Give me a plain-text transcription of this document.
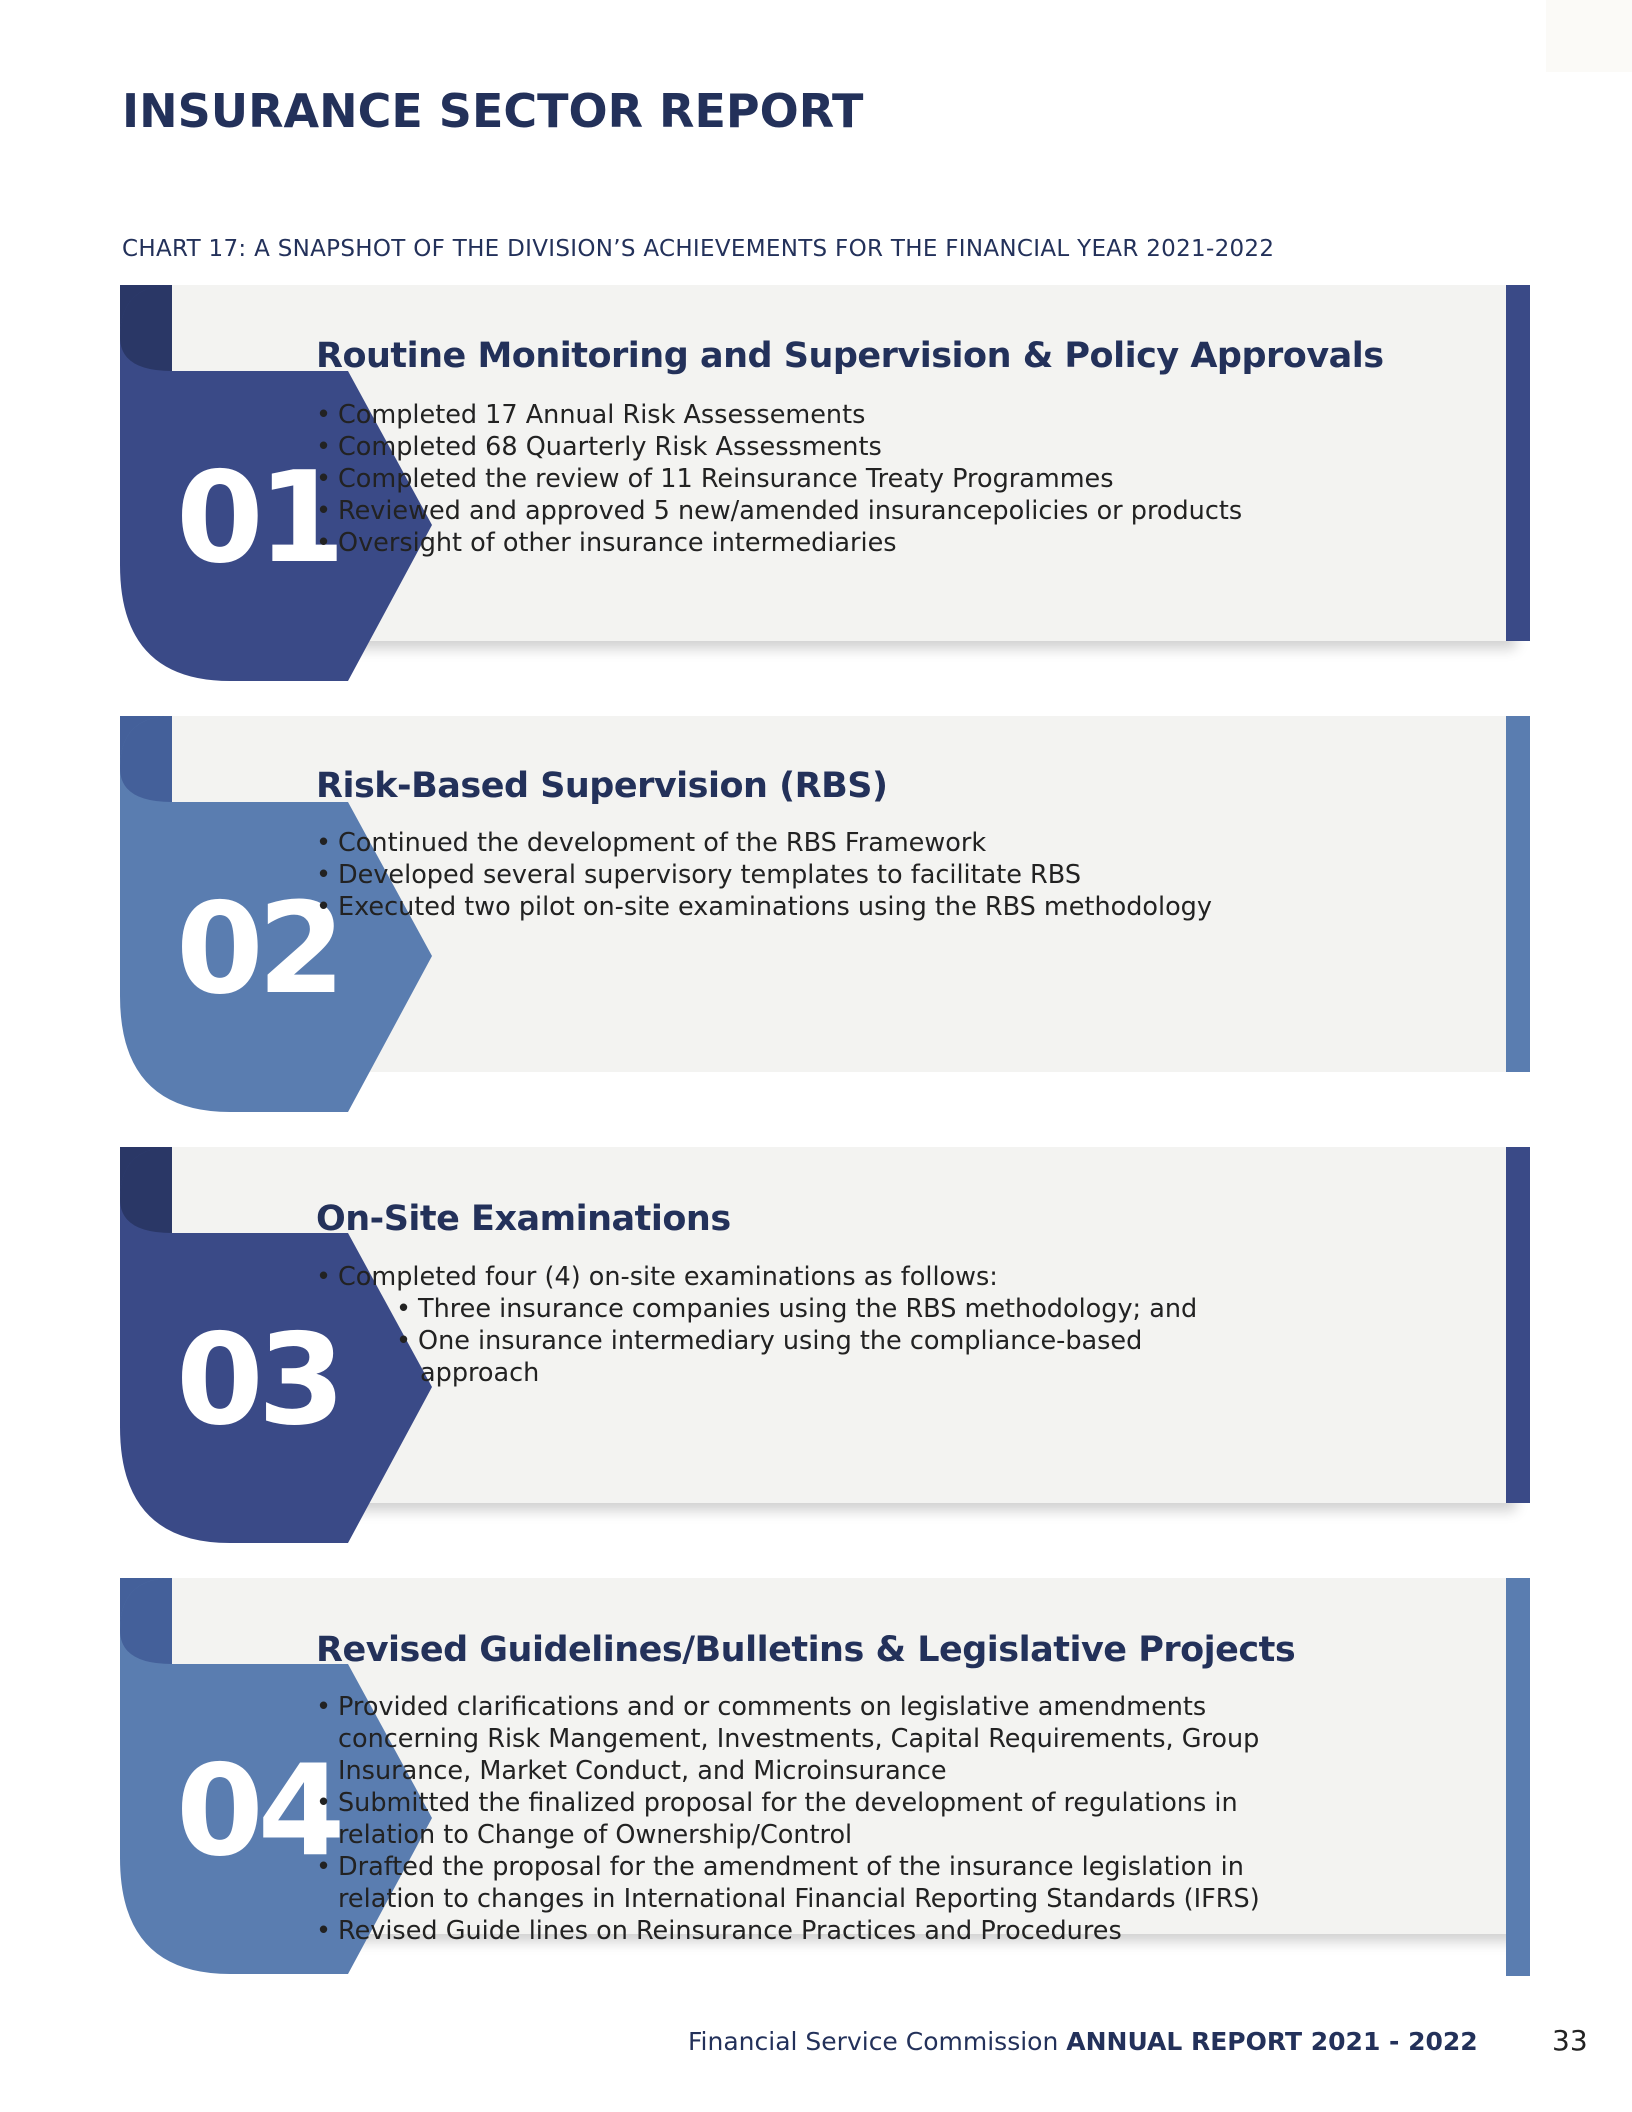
INSURANCE SECTOR REPORT

CHART 17: A SNAPSHOT OF THE DIVISION’S ACHIEVEMENTS FOR THE FINANCIAL YEAR 2021-2022

01
Routine Monitoring and Supervision & Policy Approvals
• Completed 17 Annual Risk Assessements
• Completed 68 Quarterly Risk Assessments
• Completed the review of 11 Reinsurance Treaty Programmes
• Reviewed and approved 5 new/amended insurancepolicies or products
• Oversight of other insurance intermediaries
02
Risk-Based Supervision (RBS)
• Continued the development of the RBS Framework
• Developed several supervisory templates to facilitate RBS
• Executed two pilot on-site examinations using the RBS methodology
03
On-Site Examinations
• Completed four (4) on-site examinations as follows:
• Three insurance companies using the RBS methodology; and
• One insurance intermediary using the compliance-based
approach
04
Revised Guidelines/Bulletins & Legislative Projects
• Provided clarifications and or comments on legislative amendments
concerning Risk Mangement, Investments, Capital Requirements, Group
Insurance, Market Conduct, and Microinsurance
• Submitted the finalized proposal for the development of regulations in
relation to Change of Ownership/Control
• Drafted the proposal for the amendment of the insurance legislation in
relation to changes in International Financial Reporting Standards (IFRS)
• Revised Guide lines on Reinsurance Practices and Procedures
Financial Service Commission ANNUAL REPORT 2021 - 2022	33
